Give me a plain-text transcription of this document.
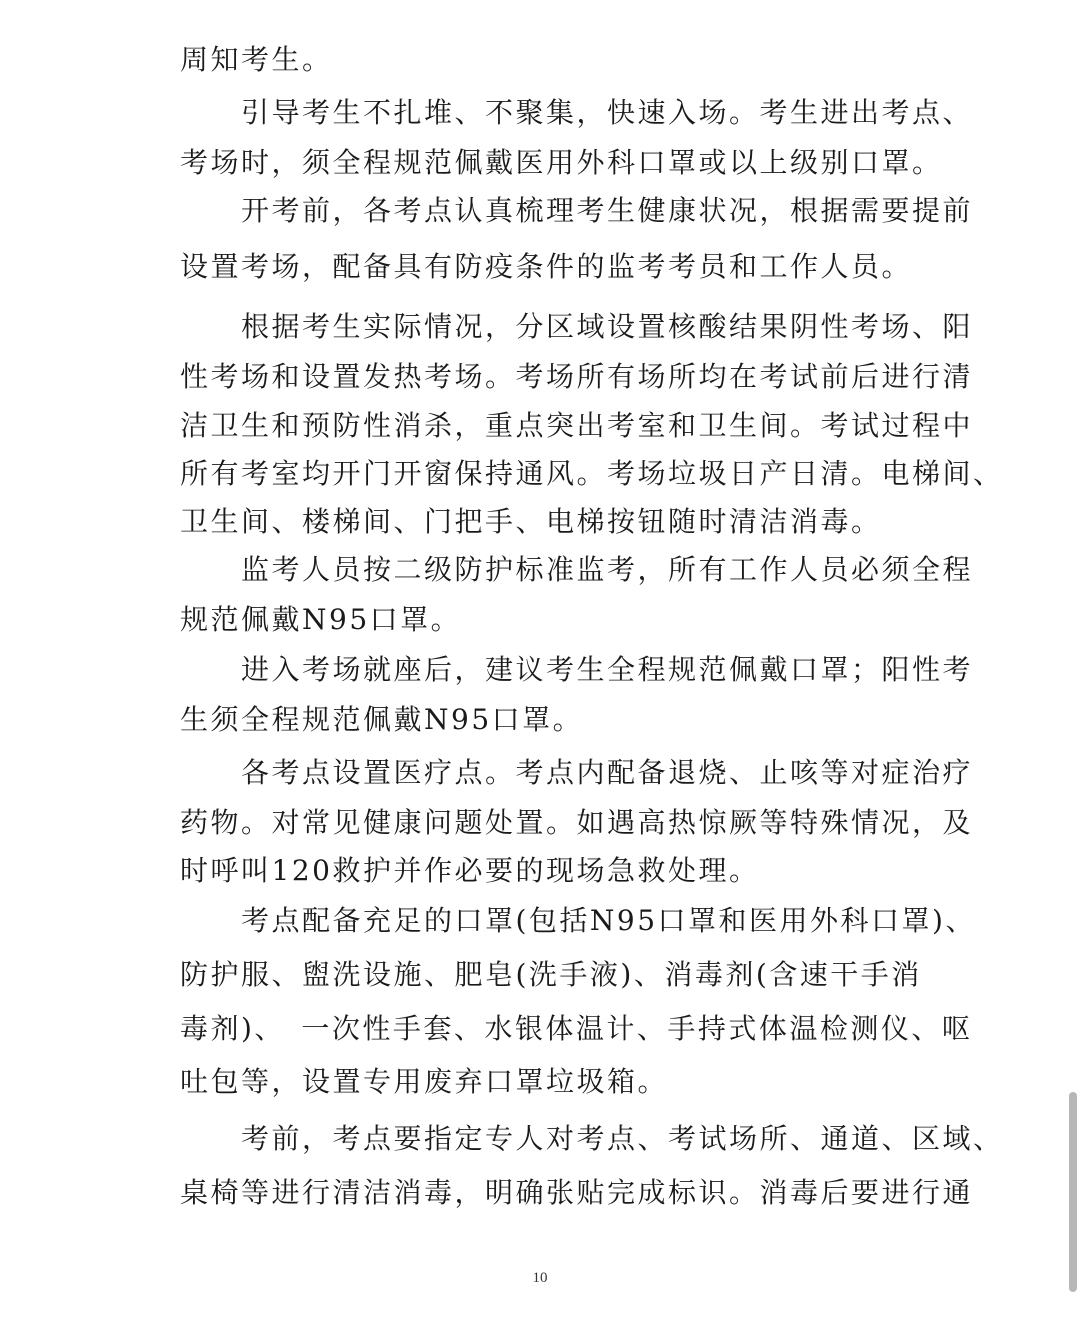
周知考生。
　　引导考生不扎堆、不聚集，快速入场。考生进出考点、
考场时，须全程规范佩戴医用外科口罩或以上级别口罩。
　　开考前，各考点认真梳理考生健康状况，根据需要提前
设置考场，配备具有防疫条件的监考考员和工作人员。
　　根据考生实际情况，分区域设置核酸结果阴性考场、阳
性考场和设置发热考场。考场所有场所均在考试前后进行清
洁卫生和预防性消杀，重点突出考室和卫生间。考试过程中
所有考室均开门开窗保持通风。考场垃圾日产日清。电梯间、
卫生间、楼梯间、门把手、电梯按钮随时清洁消毒。
　　监考人员按二级防护标准监考，所有工作人员必须全程
规范佩戴N95口罩。
　　进入考场就座后，建议考生全程规范佩戴口罩；阳性考
生须全程规范佩戴N95口罩。
　　各考点设置医疗点。考点内配备退烧、止咳等对症治疗
药物。对常见健康问题处置。如遇高热惊厥等特殊情况，及
时呼叫120救护并作必要的现场急救处理。
　　考点配备充足的口罩(包括N95口罩和医用外科口罩)、
防护服、盥洗设施、肥皂(洗手液)、消毒剂(含速干手消
毒剂)、　一次性手套、水银体温计、手持式体温检测仪、呕
吐包等，设置专用废弃口罩垃圾箱。
　　考前，考点要指定专人对考点、考试场所、通道、区域、
桌椅等进行清洁消毒，明确张贴完成标识。消毒后要进行通
10
